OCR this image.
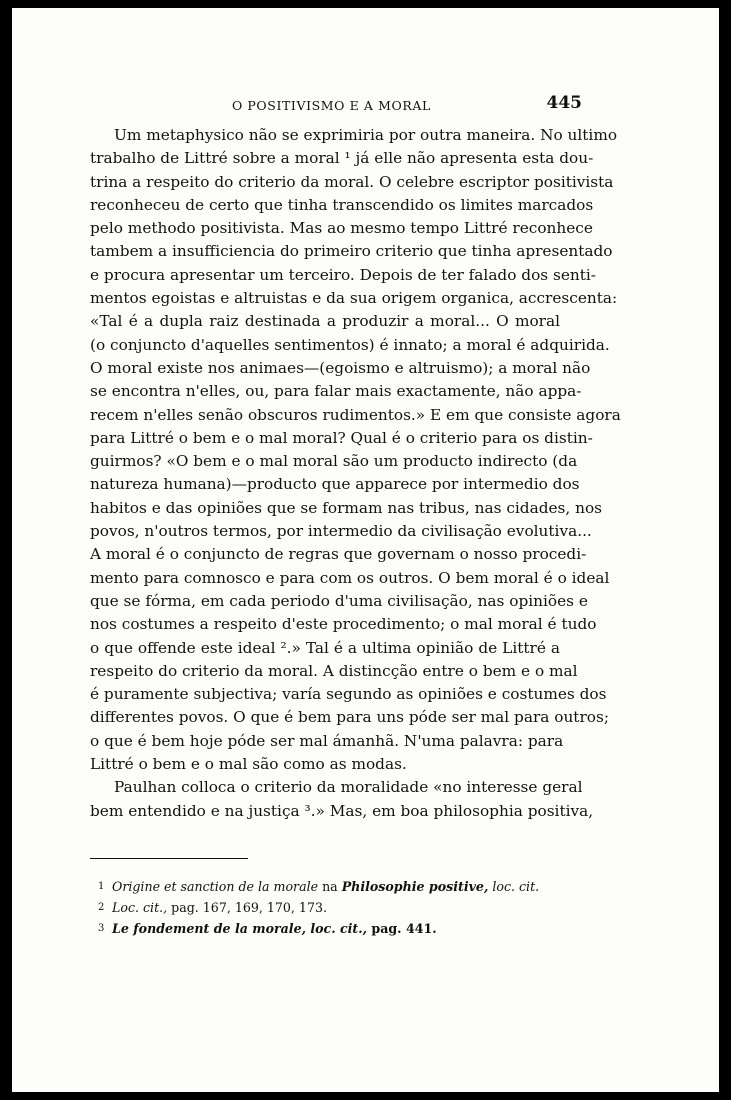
O POSITIVISMO E A MORAL	445
Um metaphysico não se exprimiria por outra maneira. No ultimo
trabalho de Littré sobre a moral ¹ já elle não apresenta esta dou-
trina a respeito do criterio da moral. O celebre escriptor positivista
reconheceu de certo que tinha transcendido os limites marcados
pelo methodo positivista. Mas ao mesmo tempo Littré reconhece
tambem a insufficiencia do primeiro criterio que tinha apresentado
e procura apresentar um terceiro. Depois de ter falado dos senti-
mentos egoistas e altruistas e da sua origem organica, accrescenta:
«Tal é a dupla raiz destinada a produzir a moral... O moral
(o conjuncto d'aquelles sentimentos) é innato; a moral é adquirida.
O moral existe nos animaes—(egoismo e altruismo); a moral não
se encontra n'elles, ou, para falar mais exactamente, não appa-
recem n'elles senão obscuros rudimentos.» E em que consiste agora
para Littré o bem e o mal moral? Qual é o criterio para os distin-
guirmos? «O bem e o mal moral são um producto indirecto (da
natureza humana)—producto que apparece por intermedio dos
habitos e das opiniões que se formam nas tribus, nas cidades, nos
povos, n'outros termos, por intermedio da civilisação evolutiva...
A moral é o conjuncto de regras que governam o nosso procedi-
mento para comnosco e para com os outros. O bem moral é o ideal
que se fórma, em cada periodo d'uma civilisação, nas opiniões e
nos costumes a respeito d'este procedimento; o mal moral é tudo
o que offende este ideal ².» Tal é a ultima opinião de Littré a
respeito do criterio da moral. A distincção entre o bem e o mal
é puramente subjectiva; varía segundo as opiniões e costumes dos
differentes povos. O que é bem para uns póde ser mal para outros;
o que é bem hoje póde ser mal ámanhã. N'uma palavra: para
Littré o bem e o mal são como as modas.
Paulhan colloca o criterio da moralidade «no interesse geral
bem entendido e na justiça ³.» Mas, em boa philosophia positiva,
1 Origine et sanction de la morale na Philosophie positive, loc. cit.
2 Loc. cit., pag. 167, 169, 170, 173.
3 Le fondement de la morale, loc. cit., pag. 441.
